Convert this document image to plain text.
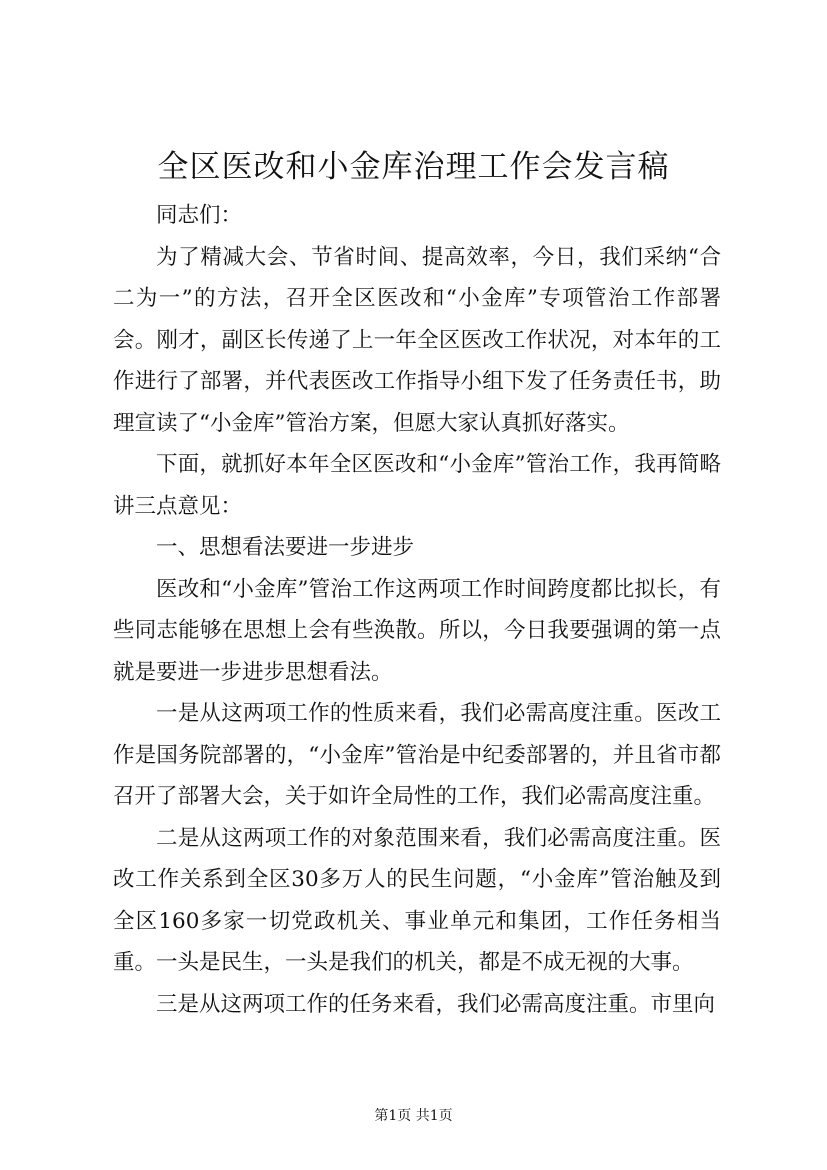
全区医改和小金库治理工作会发言稿

同志们：

为了精减大会、节省时间、提高效率，今日，我们采纳“合二为一”的方法，召开全区医改和“小金库”专项管治工作部署会。刚才，副区长传递了上一年全区医改工作状况，对本年的工作进行了部署，并代表医改工作指导小组下发了任务责任书，助理宣读了“小金库”管治方案，但愿大家认真抓好落实。

下面，就抓好本年全区医改和“小金库”管治工作，我再简略讲三点意见：

一、思想看法要进一步进步

医改和“小金库”管治工作这两项工作时间跨度都比拟长，有些同志能够在思想上会有些涣散。所以，今日我要强调的第一点就是要进一步进步思想看法。

一是从这两项工作的性质来看，我们必需高度注重。医改工作是国务院部署的，“小金库”管治是中纪委部署的，并且省市都召开了部署大会，关于如许全局性的工作，我们必需高度注重。

二是从这两项工作的对象范围来看，我们必需高度注重。医改工作关系到全区30多万人的民生问题，“小金库”管治触及到全区160多家一切党政机关、事业单元和集团，工作任务相当重。一头是民生，一头是我们的机关，都是不成无视的大事。

三是从这两项工作的任务来看，我们必需高度注重。市里向

第1页 共1页
